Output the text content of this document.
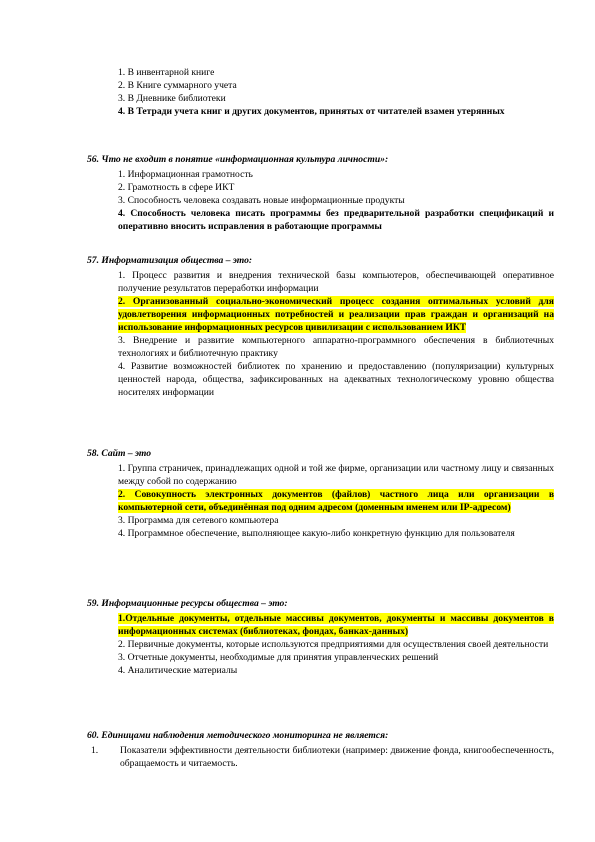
1. В инвентарной книге

2. В Книге суммарного учета

3. В Дневнике библиотеки

4. В Тетради учета книг и других документов, принятых от читателей взамен утерянных

56. Что не входит в понятие «информационная культура личности»:

1. Информационная грамотность

2. Грамотность в сфере ИКТ

3. Способность человека создавать новые информационные продукты

4. Способность человека писать программы без предварительной разработки спецификаций и оперативно вносить исправления в работающие программы

57. Информатизация общества – это:

1. Процесс развития и внедрения технической базы компьютеров, обеспечивающей оперативное получение результатов переработки информации

2. Организованный социально-экономический процесс создания оптимальных условий для удовлетворения информационных потребностей и реализации прав граждан и организаций на использование информационных ресурсов цивилизации с использованием ИКТ

3. Внедрение и развитие компьютерного аппаратно-программного обеспечения в библиотечных технологиях и библиотечную практику

4. Развитие возможностей библиотек по хранению и предоставлению (популяризации) культурных ценностей народа, общества, зафиксированных на адекватных технологическому уровню общества носителях информации

58. Сайт – это

1. Группа страничек, принадлежащих одной и той же фирме, организации или частному лицу и связанных между собой по содержанию

2. Совокупность электронных документов (файлов) частного лица или организации в компьютерной сети, объединённая под одним адресом (доменным именем или IP-адресом)

3. Программа для сетевого компьютера

4. Программное обеспечение, выполняющее какую-либо конкретную функцию для пользователя

59. Информационные ресурсы общества – это:

1.Отдельные документы, отдельные массивы документов, документы и массивы документов в информационных системах (библиотеках, фондах, банках-данных)

2. Первичные документы, которые используются предприятиями для осуществления своей деятельности

3. Отчетные документы, необходимые для принятия управленческих решений

4. Аналитические материалы

60. Единицами наблюдения методического мониторинга не является:
1.	Показатели эффективности деятельности библиотеки (например: движение фонда, книгообеспеченность, обращаемость и читаемость.
